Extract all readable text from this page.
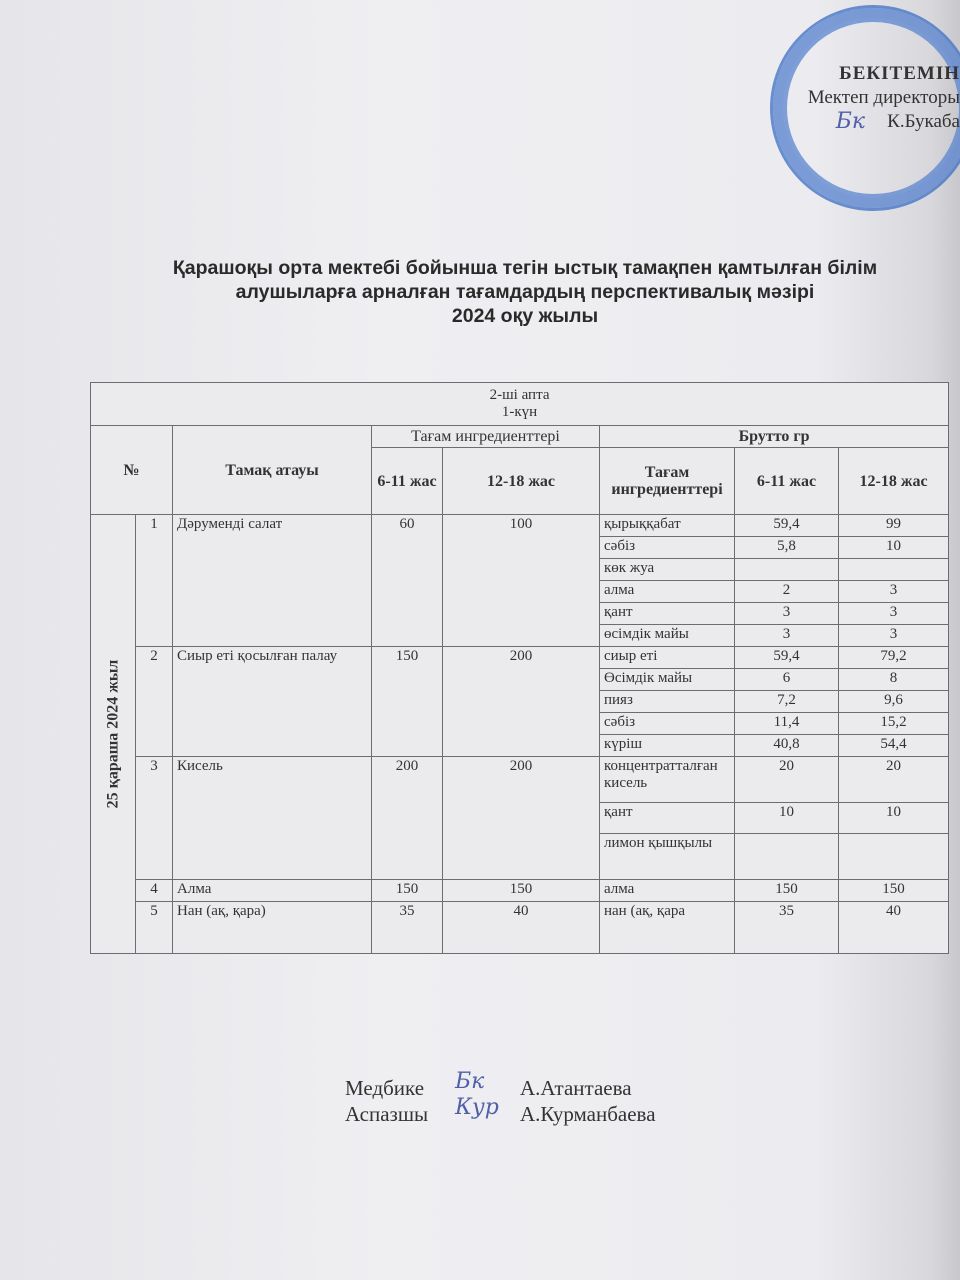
БЕКІТЕМІН
Мектеп директоры
К.Букаба
Бк
Қарашоқы орта мектебі бойынша тегін ыстық тамақпен қамтылған білім
алушыларға арналған тағамдардың перспективалық мәзірі
2024 оқу жылы
2-ші апта
1-күн							

№		Тамақ атауы	Тағам ингредиенттері		Брутто гр		
			6-11 жас	12-18 жас	Тағам ингредиенттері	6-11 жас	12-18 жас

25 қараша 2024 жыл	1	Дәруменді салат	60	100	қырыққабат	59,4	99
					сәбіз	5,8	10
					көк жуа		
					алма	2	3
					қант	3	3
					өсімдік майы	3	3
	2	Сиыр еті қосылған палау	150	200	сиыр еті	59,4	79,2
					Өсімдік майы	6	8
					пияз	7,2	9,6
					сәбіз	11,4	15,2
					күріш	40,8	54,4
	3	Кисель	200	200	концентратталған кисель	20	20
					қант	10	10
					лимон қышқылы		
	4	Алма	150	150	алма	150	150
	5	Нан (ақ, қара)	35	40	нан (ақ, қара	35	40
Медбике Бк А.Атантаева
Аспазшы Кур А.Курманбаева
